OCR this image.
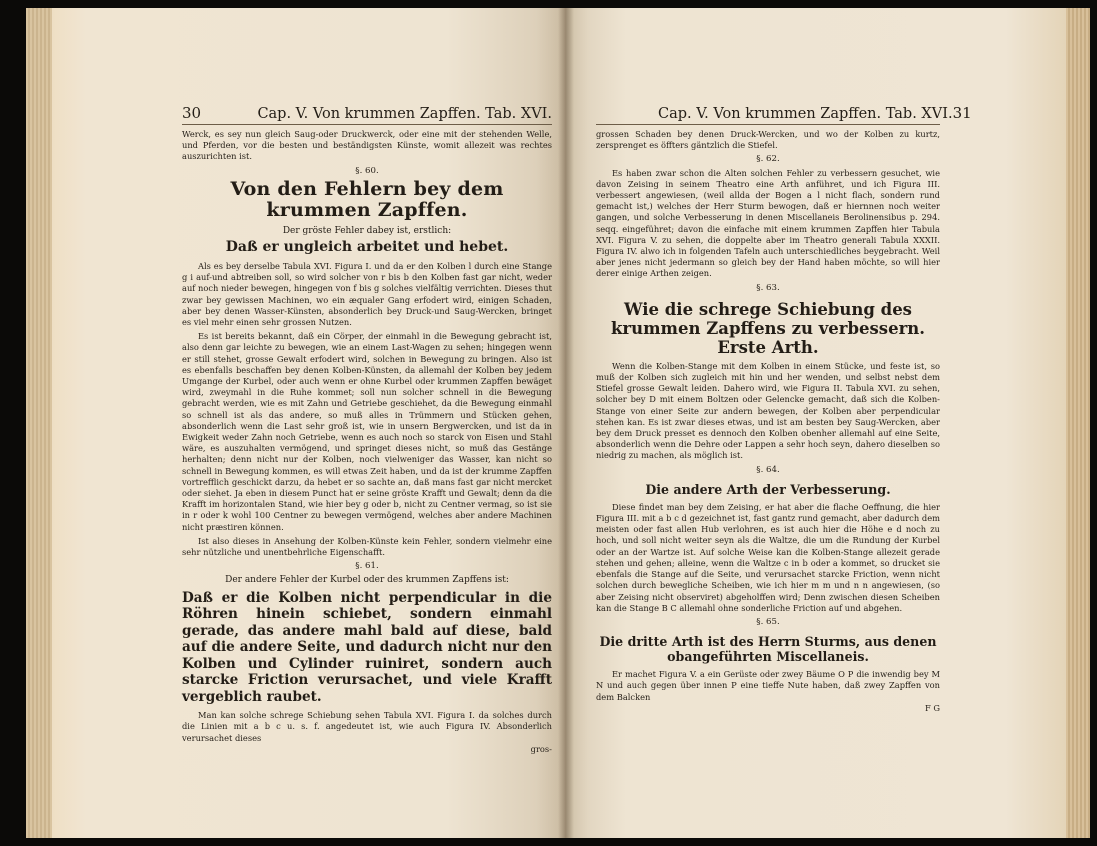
30	Cap. V. Von krummen Zapffen. Tab. XVI.

Werck, es sey nun gleich Saug-oder Druckwerck, oder eine mit der stehenden Welle, und Pferden, vor die besten und beständigsten Künste, womit allezeit was rechtes auszurichten ist.

§. 60.
Von den Fehlern bey dem krummen Zapffen.
Der gröste Fehler dabey ist, erstlich:
Daß er ungleich arbeitet und hebet.

Als es bey derselbe Tabula XVI. Figura I. und da er den Kolben l durch eine Stange g i auf-und abtreiben soll, so wird solcher von r bis b den Kolben fast gar nicht, weder auf noch nieder bewegen, hingegen von f bis g solches vielfältig verrichten. Dieses thut zwar bey gewissen Machinen, wo ein æqualer Gang erfodert wird, einigen Schaden, aber bey denen Wasser-Künsten, absonderlich bey Druck-und Saug-Wercken, bringet es viel mehr einen sehr grossen Nutzen.

Es ist bereits bekannt, daß ein Cörper, der einmahl in die Bewegung gebracht ist, also denn gar leichte zu bewegen, wie an einem Last-Wagen zu sehen; hingegen wenn er still stehet, grosse Gewalt erfodert wird, solchen in Bewegung zu bringen. Also ist es ebenfalls beschaffen bey denen Kolben-Künsten, da allemahl der Kolben bey jedem Umgange der Kurbel, oder auch wenn er ohne Kurbel oder krummen Zapffen bewäget wird, zweymahl in die Ruhe kommet; soll nun solcher schnell in die Bewegung gebracht werden, wie es mit Zahn und Getriebe geschiehet, da die Bewegung einmahl so schnell ist als das andere, so muß alles in Trümmern und Stücken gehen, absonderlich wenn die Last sehr groß ist, wie in unsern Bergwercken, und ist da in Ewigkeit weder Zahn noch Getriebe, wenn es auch noch so starck von Eisen und Stahl wäre, es auszuhalten vermögend, und springet dieses nicht, so muß das Gestänge herhalten; denn nicht nur der Kolben, noch vielweniger das Wasser, kan nicht so schnell in Bewegung kommen, es will etwas Zeit haben, und da ist der krumme Zapffen vortrefflich geschickt darzu, da hebet er so sachte an, daß mans fast gar nicht mercket oder siehet. Ja eben in diesem Punct hat er seine gröste Krafft und Gewalt; denn da die Krafft im horizontalen Stand, wie hier bey g oder b, nicht zu Centner vermag, so ist sie in r oder k wohl 100 Centner zu bewegen vermögend, welches aber andere Machinen nicht præstiren können.

Ist also dieses in Ansehung der Kolben-Künste kein Fehler, sondern vielmehr eine sehr nützliche und unentbehrliche Eigenschafft.

§. 61.
Der andere Fehler der Kurbel oder des krummen Zapffens ist:
Daß er die Kolben nicht perpendicular in die Röhren hinein schiebet, sondern einmahl gerade, das andere mahl bald auf diese, bald auf die andere Seite, und dadurch nicht nur den Kolben und Cylinder ruiniret, sondern auch starcke Friction verursachet, und viele Krafft vergeblich raubet.

Man kan solche schrege Schiebung sehen Tabula XVI. Figura I. da solches durch die Linien mit a b c u. s. f. angedeutet ist, wie auch Figura IV. Absonderlich verursachet dieses

gros-
Cap. V. Von krummen Zapffen. Tab. XVI. 31

grossen Schaden bey denen Druck-Wercken, und wo der Kolben zu kurtz, zersprenget es öffters gäntzlich die Stiefel.

§. 62.

Es haben zwar schon die Alten solchen Fehler zu verbessern gesuchet, wie davon Zeising in seinem Theatro eine Arth anführet, und ich Figura III. verbessert angewiesen, (weil allda der Bogen a l nicht flach, sondern rund gemacht ist,) welches der Herr Sturm bewogen, daß er hiernnen noch weiter gangen, und solche Verbesserung in denen Miscellaneis Berolinensibus p. 294. seqq. eingeführet; davon die einfache mit einem krummen Zapffen hier Tabula XVI. Figura V. zu sehen, die doppelte aber im Theatro generali Tabula XXXII. Figura IV. alwo ich in folgenden Tafeln auch unterschiedliches beygebracht. Weil aber jenes nicht jedermann so gleich bey der Hand haben möchte, so will hier derer einige Arthen zeigen.

§. 63.
Wie die schrege Schiebung des krummen Zapffens zu verbessern. Erste Arth.

Wenn die Kolben-Stange mit dem Kolben in einem Stücke, und feste ist, so muß der Kolben sich zugleich mit hin und her wenden, und selbst nebst dem Stiefel grosse Gewalt leiden. Dahero wird, wie Figura II. Tabula XVI. zu sehen, solcher bey D mit einem Boltzen oder Gelencke gemacht, daß sich die Kolben-Stange von einer Seite zur andern bewegen, der Kolben aber perpendicular stehen kan. Es ist zwar dieses etwas, und ist am besten bey Saug-Wercken, aber bey dem Druck presset es dennoch den Kolben obenher allemahl auf eine Seite, absonderlich wenn die Dehre oder Lappen a sehr hoch seyn, dahero dieselben so niedrig zu machen, als möglich ist.

§. 64.
Die andere Arth der Verbesserung.

Diese findet man bey dem Zeising, er hat aber die flache Oeffnung, die hier Figura III. mit a b c d gezeichnet ist, fast gantz rund gemacht, aber dadurch dem meisten oder fast allen Hub verlohren, es ist auch hier die Höhe e d noch zu hoch, und soll nicht weiter seyn als die Waltze, die um die Rundung der Kurbel oder an der Wartze ist. Auf solche Weise kan die Kolben-Stange allezeit gerade stehen und gehen; alleine, wenn die Waltze c in b oder a kommet, so drucket sie ebenfals die Stange auf die Seite, und verursachet starcke Friction, wenn nicht solchen durch bewegliche Scheiben, wie ich hier m m und n n angewiesen, (so aber Zeising nicht observiret) abgeholffen wird; Denn zwischen diesen Scheiben kan die Stange B C allemahl ohne sonderliche Friction auf und abgehen.

§. 65.
Die dritte Arth ist des Herrn Sturms, aus denen obangeführten Miscellaneis.

Er machet Figura V. a ein Gerüste oder zwey Bäume O P die inwendig bey M N und auch gegen über innen P eine tieffe Nute haben, daß zwey Zapffen von dem Balcken

F G
